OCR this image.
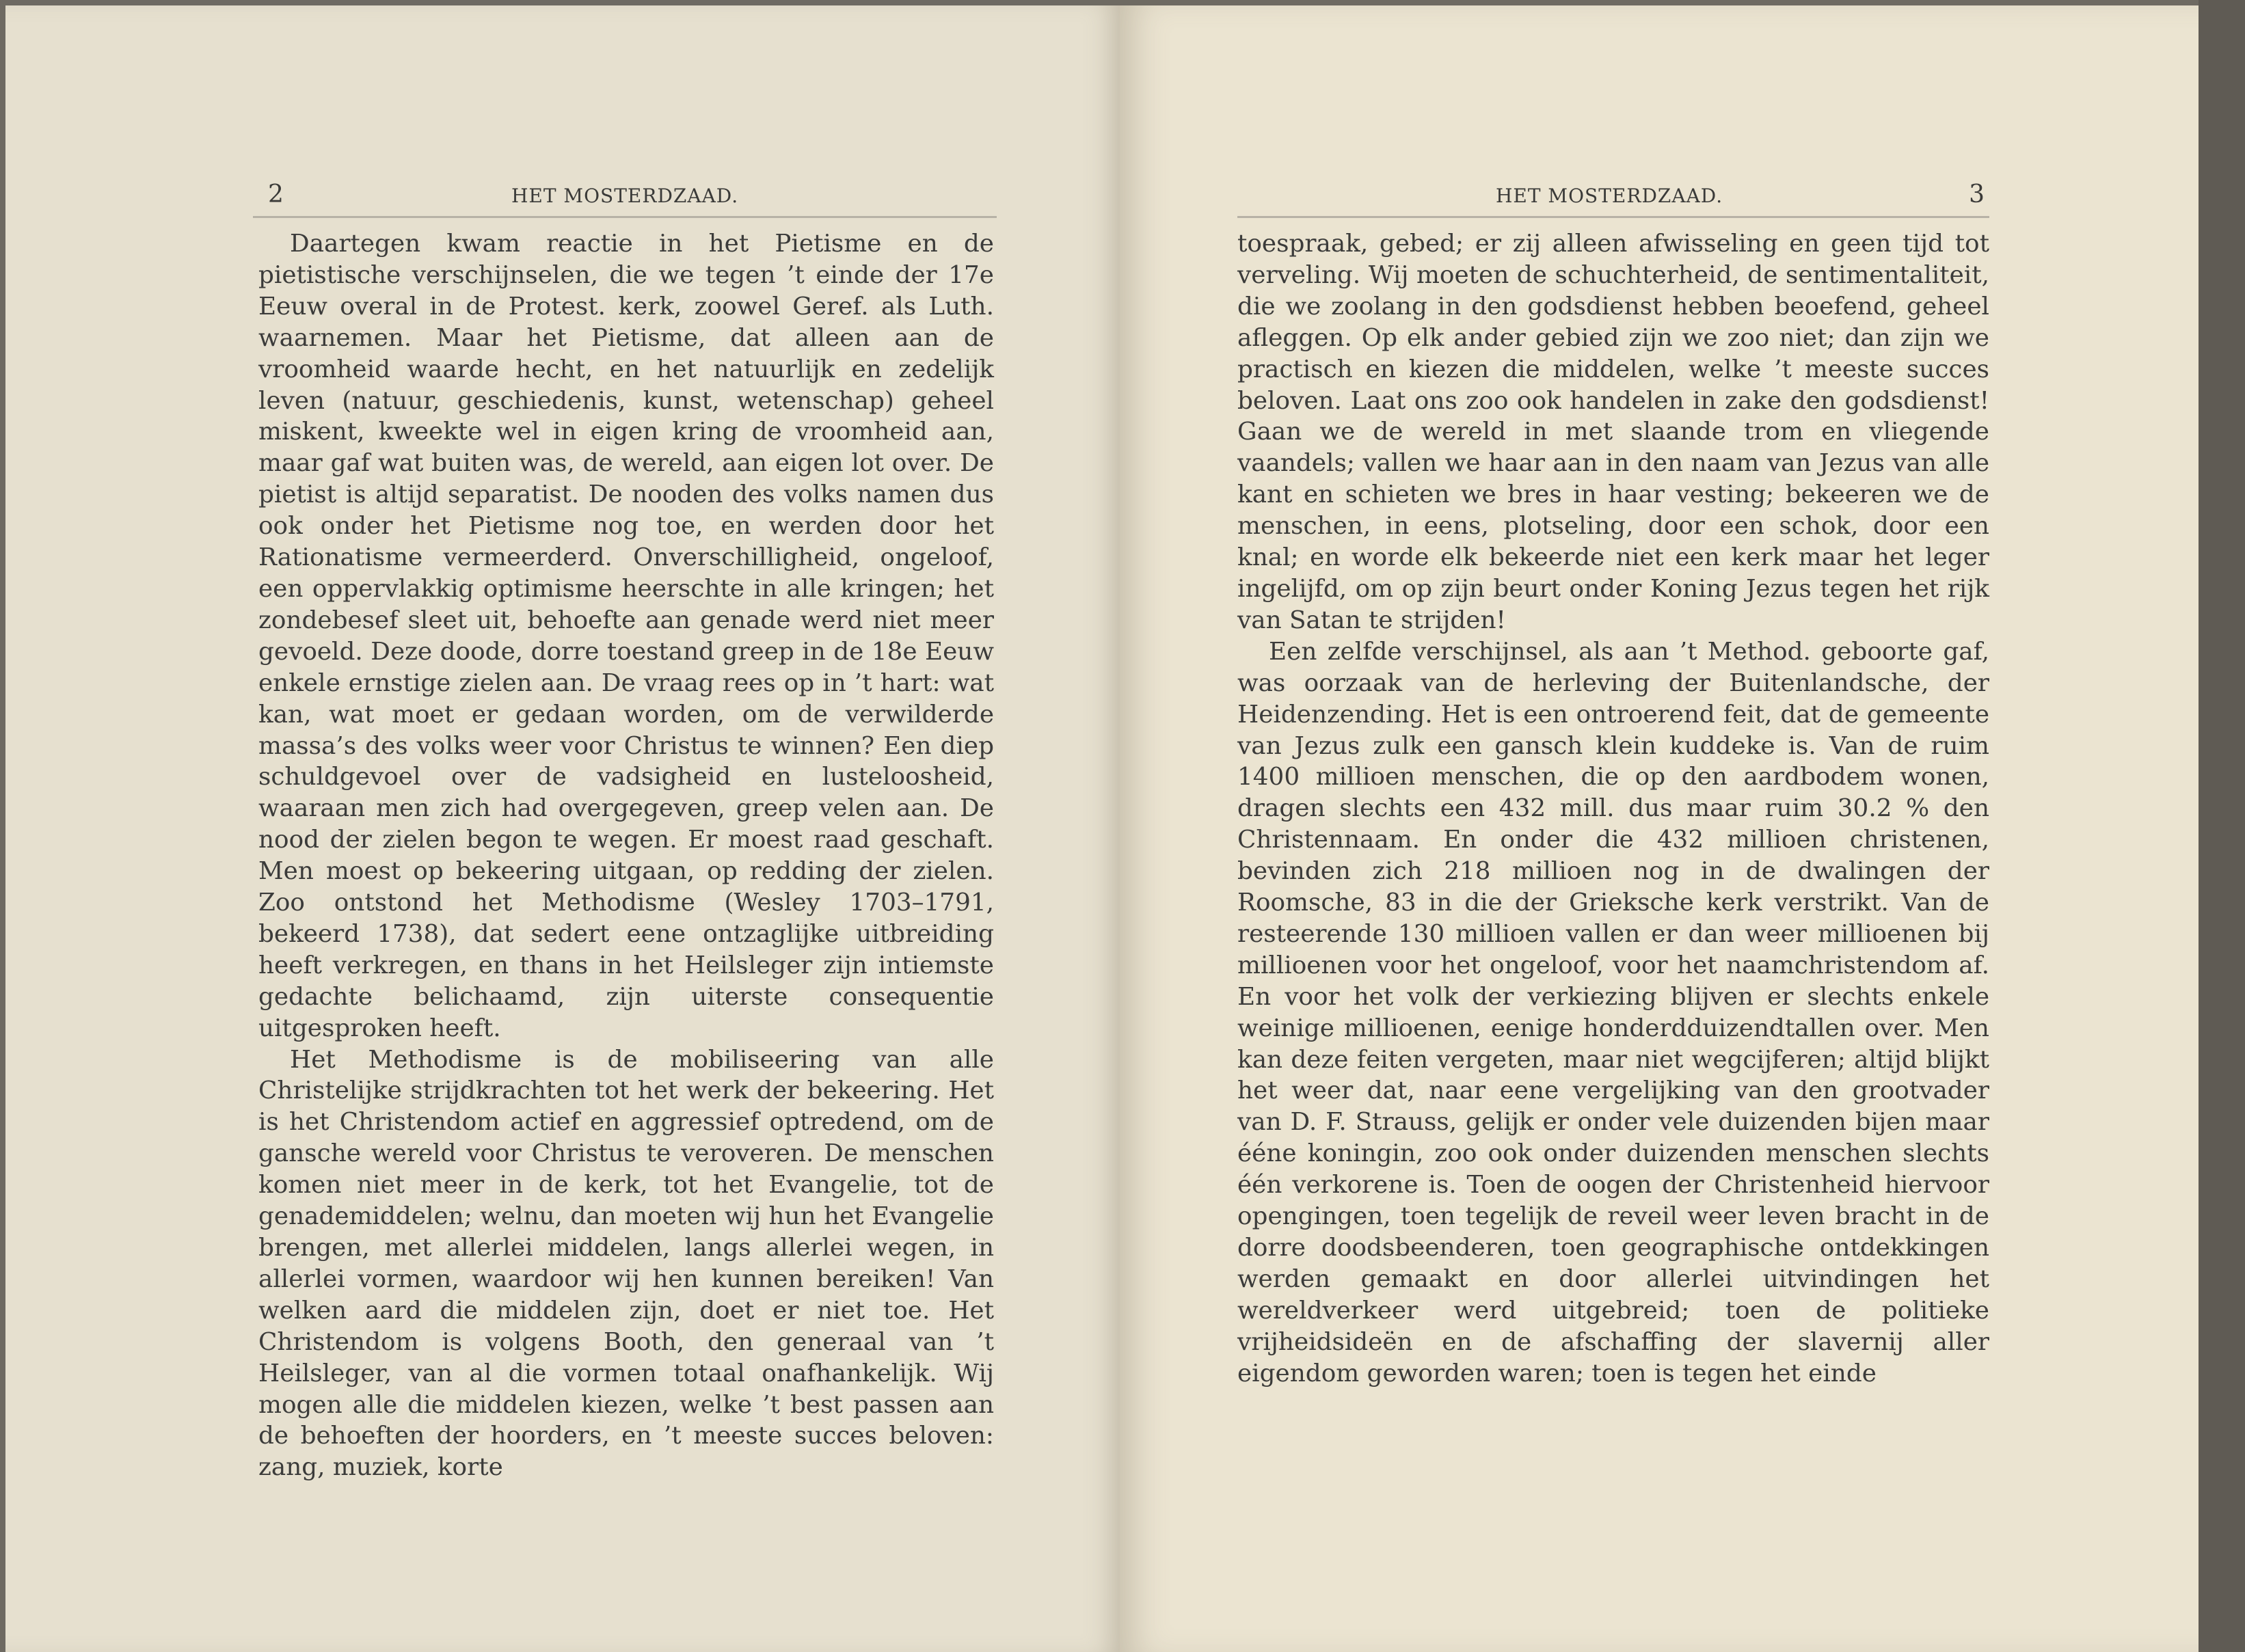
2	HET MOSTERDZAAD.

Daartegen kwam reactie in het Pietisme en de pietistische verschijnselen, die we tegen ’t einde der 17e Eeuw overal in de Protest. kerk, zoowel Geref. als Luth. waarnemen. Maar het Pietisme, dat alleen aan de vroomheid waarde hecht, en het natuurlijk en zedelijk leven (natuur, geschiedenis, kunst, wetenschap) geheel miskent, kweekte wel in eigen kring de vroomheid aan, maar gaf wat buiten was, de wereld, aan eigen lot over. De pietist is altijd separatist. De nooden des volks namen dus ook onder het Pietisme nog toe, en werden door het Rationatisme vermeerderd. Onverschilligheid, ongeloof, een oppervlakkig optimisme heerschte in alle kringen; het zondebesef sleet uit, behoefte aan genade werd niet meer gevoeld. Deze doode, dorre toestand greep in de 18e Eeuw enkele ernstige zielen aan. De vraag rees op in ’t hart: wat kan, wat moet er gedaan worden, om de verwilderde massa’s des volks weer voor Christus te winnen? Een diep schuldgevoel over de vadsigheid en lusteloosheid, waaraan men zich had overgegeven, greep velen aan. De nood der zielen begon te wegen. Er moest raad geschaft. Men moest op bekeering uitgaan, op redding der zielen. Zoo ontstond het Methodisme (Wesley 1703–1791, bekeerd 1738), dat sedert eene ontzaglijke uitbreiding heeft verkregen, en thans in het Heilsleger zijn intiemste gedachte belichaamd, zijn uiterste consequentie uitgesproken heeft.

Het Methodisme is de mobiliseering van alle Christelijke strijdkrachten tot het werk der bekeering. Het is het Christendom actief en aggressief optredend, om de gansche wereld voor Christus te veroveren. De menschen komen niet meer in de kerk, tot het Evangelie, tot de genademiddelen; welnu, dan moeten wij hun het Evangelie brengen, met allerlei middelen, langs allerlei wegen, in allerlei vormen, waardoor wij hen kunnen bereiken! Van welken aard die middelen zijn, doet er niet toe. Het Christendom is volgens Booth, den generaal van ’t Heilsleger, van al die vormen totaal onafhankelijk. Wij mogen alle die middelen kiezen, welke ’t best passen aan de behoeften der hoorders, en ’t meeste succes beloven: zang, muziek, korte

HET MOSTERDZAAD.	3

toespraak, gebed; er zij alleen afwisseling en geen tijd tot verveling. Wij moeten de schuchterheid, de sentimentaliteit, die we zoolang in den godsdienst hebben beoefend, geheel afleggen. Op elk ander gebied zijn we zoo niet; dan zijn we practisch en kiezen die middelen, welke ’t meeste succes beloven. Laat ons zoo ook handelen in zake den godsdienst! Gaan we de wereld in met slaande trom en vliegende vaandels; vallen we haar aan in den naam van Jezus van alle kant en schieten we bres in haar vesting; bekeeren we de menschen, in eens, plotseling, door een schok, door een knal; en worde elk bekeerde niet een kerk maar het leger ingelijfd, om op zijn beurt onder Koning Jezus tegen het rijk van Satan te strijden!

Een zelfde verschijnsel, als aan ’t Method. geboorte gaf, was oorzaak van de herleving der Buitenlandsche, der Heidenzending. Het is een ontroerend feit, dat de gemeente van Jezus zulk een gansch klein kuddeke is. Van de ruim 1400 millioen menschen, die op den aardbodem wonen, dragen slechts een 432 mill. dus maar ruim 30.2 % den Christennaam. En onder die 432 millioen christenen, bevinden zich 218 millioen nog in de dwalingen der Roomsche, 83 in die der Grieksche kerk verstrikt. Van de resteerende 130 millioen vallen er dan weer millioenen bij millioenen voor het ongeloof, voor het naamchristendom af. En voor het volk der verkiezing blijven er slechts enkele weinige millioenen, eenige honderdduizendtallen over. Men kan deze feiten vergeten, maar niet wegcijferen; altijd blijkt het weer dat, naar eene vergelijking van den grootvader van D. F. Strauss, gelijk er onder vele duizenden bijen maar ééne koningin, zoo ook onder duizenden menschen slechts één verkorene is. Toen de oogen der Christenheid hiervoor opengingen, toen tegelijk de reveil weer leven bracht in de dorre doodsbeenderen, toen geographische ontdekkingen werden gemaakt en door allerlei uitvindingen het wereldverkeer werd uitgebreid; toen de politieke vrijheidsideën en de afschaffing der slavernij aller eigendom geworden waren; toen is tegen het einde
